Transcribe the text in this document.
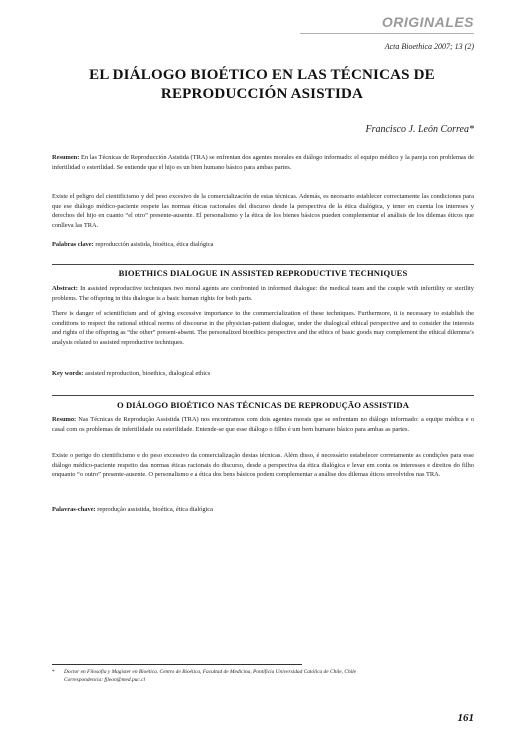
ORIGINALES
Acta Bioethica 2007; 13 (2)
EL DIÁLOGO BIOÉTICO EN LAS TÉCNICAS DE
REPRODUCCIÓN ASISTIDA
Francisco J. León Correa*
Resumen: En las Técnicas de Reproducción Asistida (TRA) se enfrentan dos agentes morales en diálogo informado: el equipo médico y la pareja con problemas de infertilidad o esterilidad. Se entiende que el hijo es un bien humano básico para ambas partes.
Existe el peligro del cientificismo y del peso excesivo de la comercialización de estas técnicas. Además, es necesario establecer correctamente las condiciones para que ese diálogo médico-paciente respete las normas éticas racionales del discurso desde la perspectiva de la ética dialógica, y tener en cuenta los intereses y derechos del hijo en cuanto “el otro” presente-ausente. El personalismo y la ética de los bienes básicos pueden complementar el análisis de los dilemas éticos que conlleva las TRA.
Palabras clave: reproducción asistida, bioética, ética dialógica
BIOETHICS DIALOGUE IN ASSISTED REPRODUCTIVE TECHNIQUES
Abstract: In assisted reproductive techniques two moral agents are confronted in informed dialogue: the medical team and the couple with infertility or sterility problems. The offspring in this dialogue is a basic human rights for both parts.
There is danger of scientificism and of giving excessive importance to the commercialization of these techniques. Furthermore, it is necessary to establish the conditions to respect the rational ethical norms of discourse in the physician-patient dialogue, under the dialogical ethical perspective and to consider the interests and rights of the offspring as “the other” present-absent. The personalized bioethics perspective and the ethics of basic goods may complement the ethical dilemma’s analysis related to assisted reproductive techniques.
Key words: assisted reproduction, bioethics, dialogical ethics
O DIÁLOGO BIOÉTICO NAS TÉCNICAS DE REPRODUÇÃO ASSISTIDA
Resumo: Nas Técnicas de Reprodução Assistida (TRA) nos encontramos com dois agentes morais que se enfrentam no diálogo informado: a equipe médica e o casal com os problemas de infertilidade ou esterilidade. Entende-se que esse diálogo o filho é um bem humano básico para ambas as partes.
Existe o perigo do cientificismo e do peso excessivo da comercialização destas técnicas. Além disso, é necessário estabelecer corretamente as condições para esse diálogo médico-paciente respeito das normas éticas racionais do discurso, desde a perspectiva da ética dialógica e levar em conta os interesses e direitos do filho enquanto “o outro” presente-ausente. O personalismo e a ética dos bens básicos podem complementar a análise dos dilemas éticos envolvidos nas TRA.
Palavras-chave: reprodução assistida, bioética, ética dialógica
* Doctor en Filosofía y Magíster en Bioética. Centro de Bioética, Facultad de Medicina, Pontificia Universidad Católica de Chile, Chile
Correspondencia: fjleon@med.puc.cl
161
